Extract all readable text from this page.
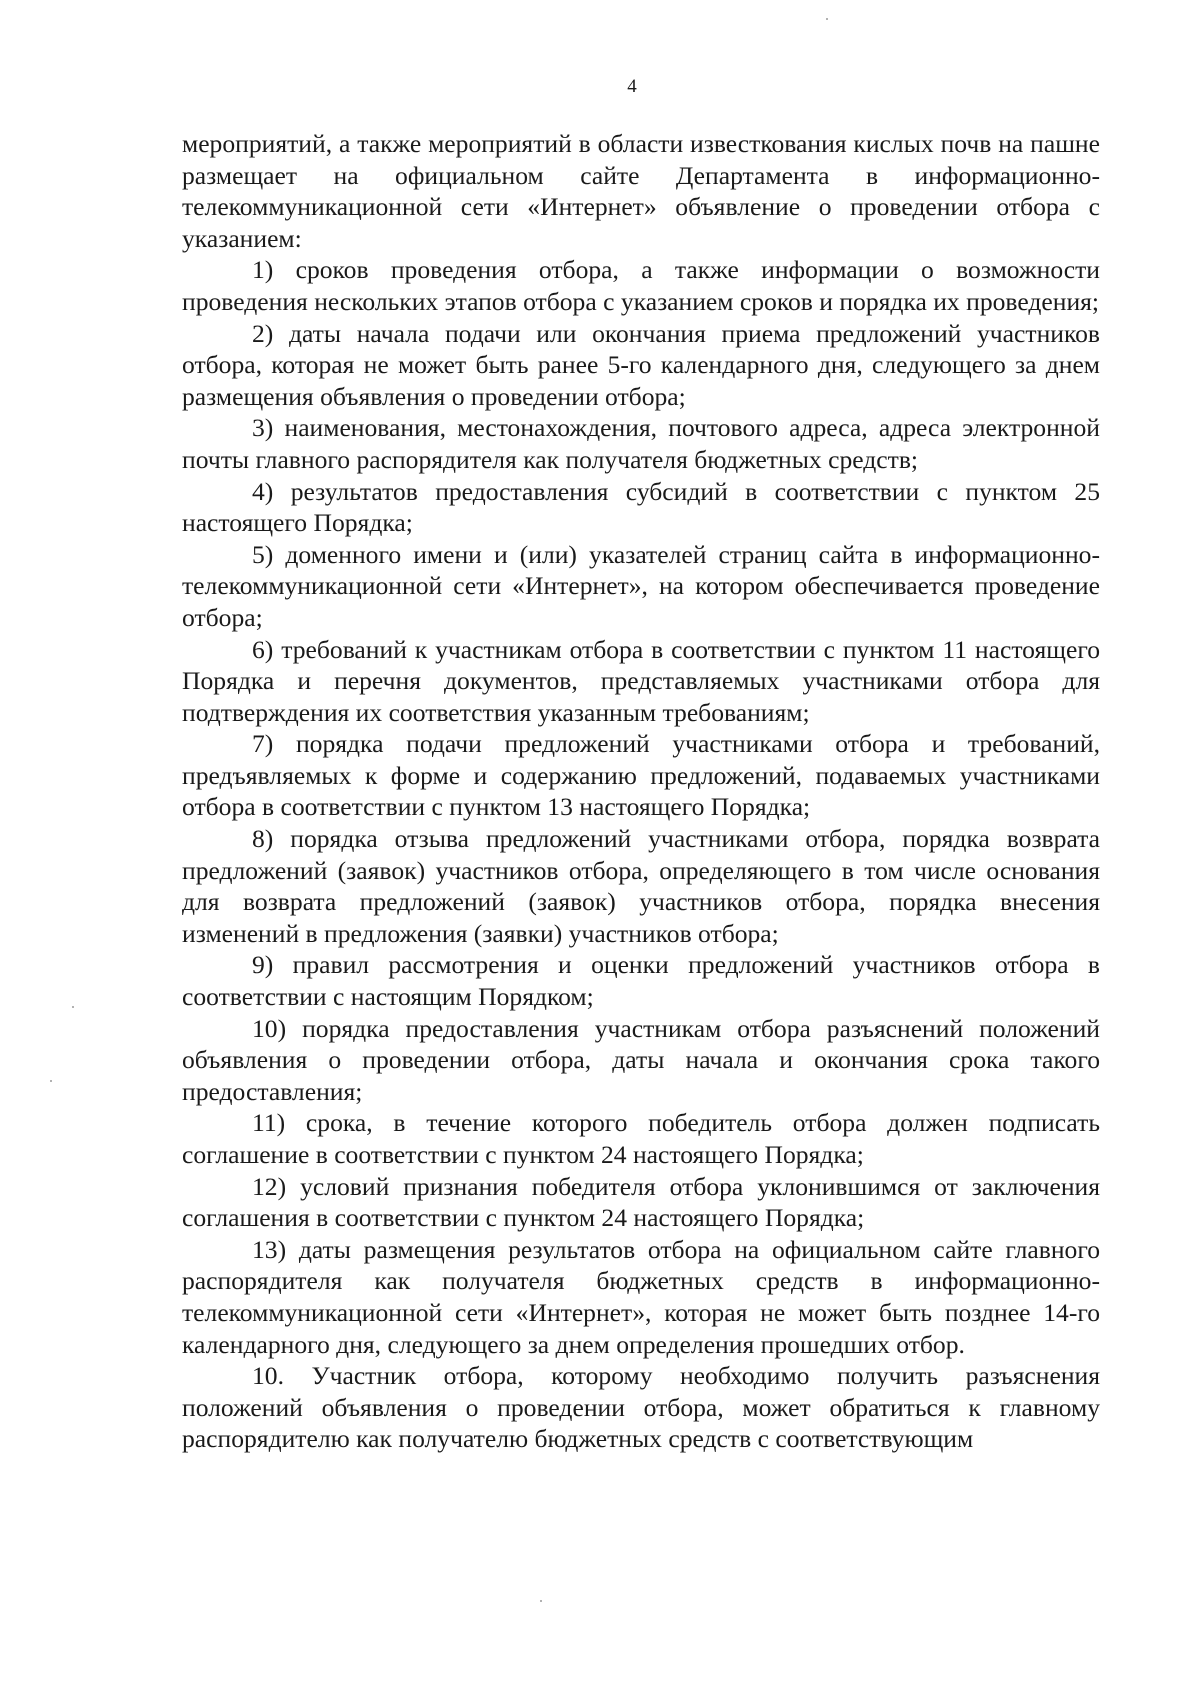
4

мероприятий, а также мероприятий в области известкования кислых почв на пашне размещает на официальном сайте Департамента в информационно-телекоммуникационной сети «Интернет» объявление о проведении отбора с указанием:

1) сроков проведения отбора, а также информации о возможности проведения нескольких этапов отбора с указанием сроков и порядка их проведения;

2) даты начала подачи или окончания приема предложений участников отбора, которая не может быть ранее 5-го календарного дня, следующего за днем размещения объявления о проведении отбора;

3) наименования, местонахождения, почтового адреса, адреса электронной почты главного распорядителя как получателя бюджетных средств;

4) результатов предоставления субсидий в соответствии с пунктом 25 настоящего Порядка;

5) доменного имени и (или) указателей страниц сайта в информационно-телекоммуникационной сети «Интернет», на котором обеспечивается проведение отбора;

6) требований к участникам отбора в соответствии с пунктом 11 настоящего Порядка и перечня документов, представляемых участниками отбора для подтверждения их соответствия указанным требованиям;

7) порядка подачи предложений участниками отбора и требований, предъявляемых к форме и содержанию предложений, подаваемых участниками отбора в соответствии с пунктом 13 настоящего Порядка;

8) порядка отзыва предложений участниками отбора, порядка возврата предложений (заявок) участников отбора, определяющего в том числе основания для возврата предложений (заявок) участников отбора, порядка внесения изменений в предложения (заявки) участников отбора;

9) правил рассмотрения и оценки предложений участников отбора в соответствии с настоящим Порядком;

10) порядка предоставления участникам отбора разъяснений положений объявления о проведении отбора, даты начала и окончания срока такого предоставления;

11) срока, в течение которого победитель отбора должен подписать соглашение в соответствии с пунктом 24 настоящего Порядка;

12) условий признания победителя отбора уклонившимся от заключения соглашения в соответствии с пунктом 24 настоящего Порядка;

13) даты размещения результатов отбора на официальном сайте главного распорядителя как получателя бюджетных средств в информационно-телекоммуникационной сети «Интернет», которая не может быть позднее 14-го календарного дня, следующего за днем определения прошедших отбор.

10. Участник отбора, которому необходимо получить разъяснения положений объявления о проведении отбора, может обратиться к главному распорядителю как получателю бюджетных средств с соответствующим
